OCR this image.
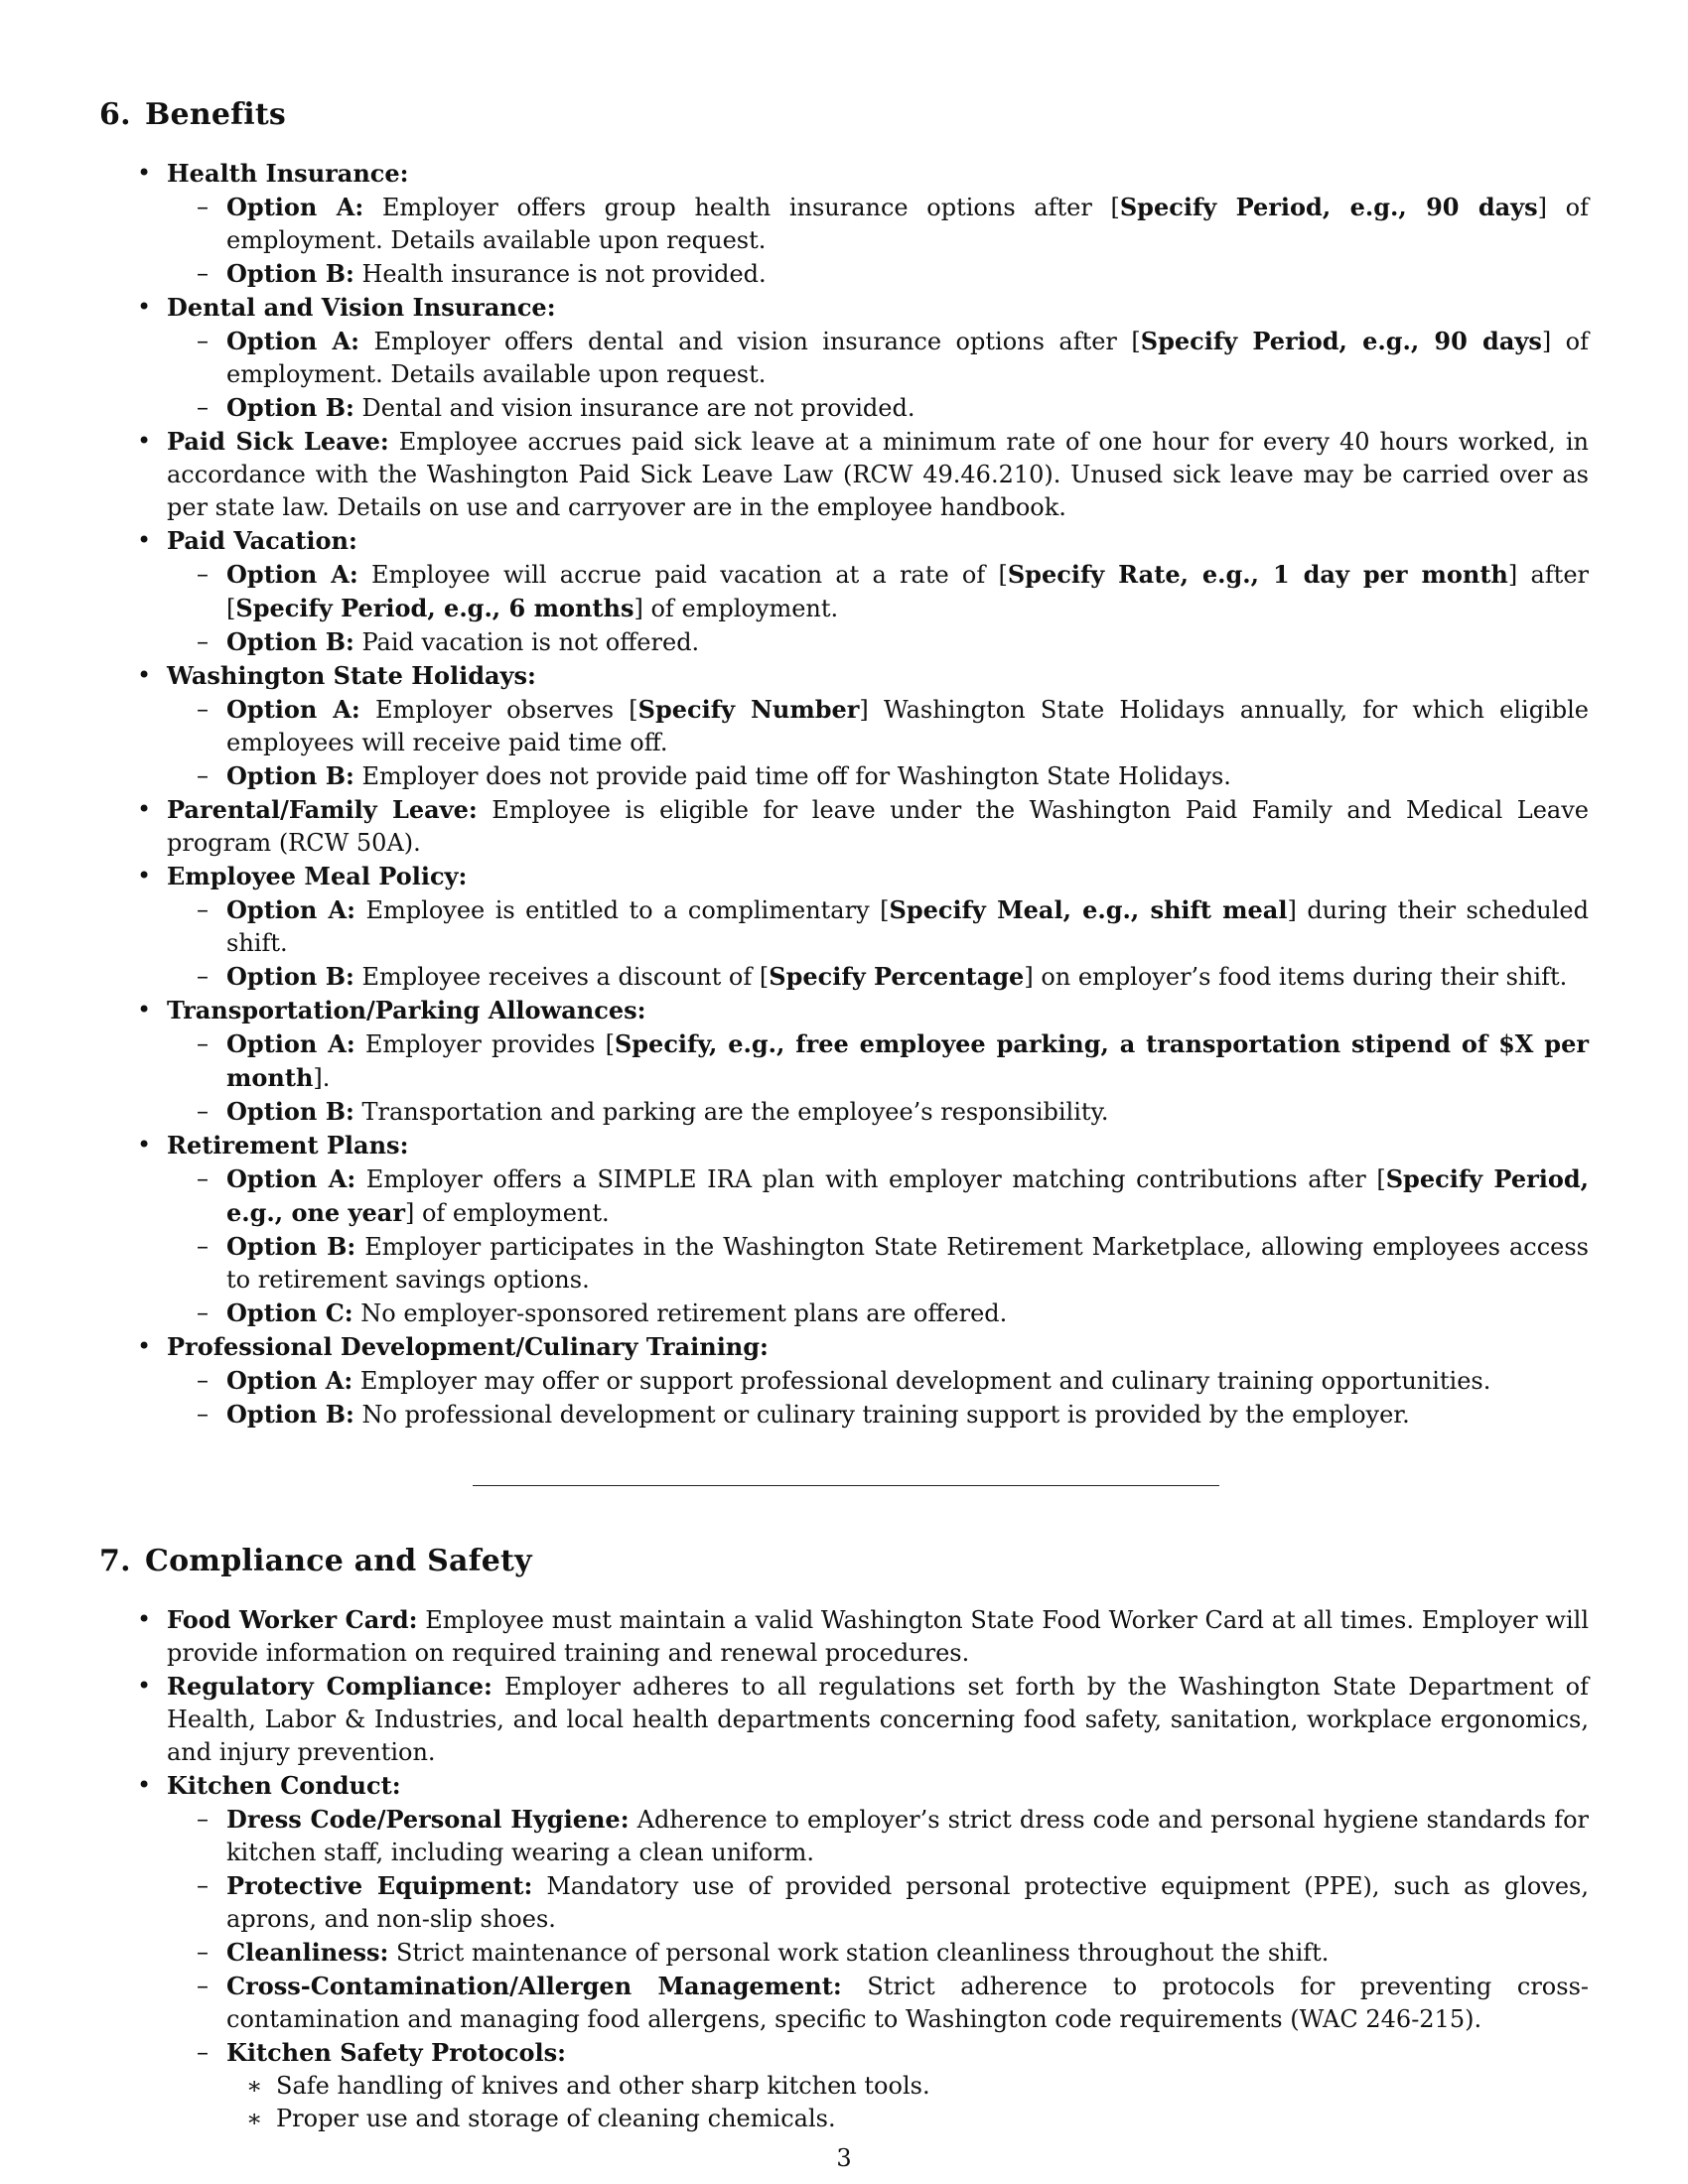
6. Benefits
• Health Insurance:
– Option A: Employer offers group health insurance options after [Specify Period, e.g., 90 days] of employment. Details available upon request.
– Option B: Health insurance is not provided.
• Dental and Vision Insurance:
– Option A: Employer offers dental and vision insurance options after [Specify Period, e.g., 90 days] of employment. Details available upon request.
– Option B: Dental and vision insurance are not provided.
• Paid Sick Leave: Employee accrues paid sick leave at a minimum rate of one hour for every 40 hours worked, in accordance with the Washington Paid Sick Leave Law (RCW 49.46.210). Unused sick leave may be carried over as per state law. Details on use and carryover are in the employee handbook.
• Paid Vacation:
– Option A: Employee will accrue paid vacation at a rate of [Specify Rate, e.g., 1 day per month] after [Specify Period, e.g., 6 months] of employment.
– Option B: Paid vacation is not offered.
• Washington State Holidays:
– Option A: Employer observes [Specify Number] Washington State Holidays annually, for which eligible employees will receive paid time off.
– Option B: Employer does not provide paid time off for Washington State Holidays.
• Parental/Family Leave: Employee is eligible for leave under the Washington Paid Family and Medical Leave program (RCW 50A).
• Employee Meal Policy:
– Option A: Employee is entitled to a complimentary [Specify Meal, e.g., shift meal] during their scheduled shift.
– Option B: Employee receives a discount of [Specify Percentage] on employer’s food items during their shift.
• Transportation/Parking Allowances:
– Option A: Employer provides [Specify, e.g., free employee parking, a transportation stipend of $X per month].
– Option B: Transportation and parking are the employee’s responsibility.
• Retirement Plans:
– Option A: Employer offers a SIMPLE IRA plan with employer matching contributions after [Specify Period, e.g., one year] of employment.
– Option B: Employer participates in the Washington State Retirement Marketplace, allowing employees access to retirement savings options.
– Option C: No employer-sponsored retirement plans are offered.
• Professional Development/Culinary Training:
– Option A: Employer may offer or support professional development and culinary training opportunities.
– Option B: No professional development or culinary training support is provided by the employer.
7. Compliance and Safety
• Food Worker Card: Employee must maintain a valid Washington State Food Worker Card at all times. Employer will provide information on required training and renewal procedures.
• Regulatory Compliance: Employer adheres to all regulations set forth by the Washington State Department of Health, Labor & Industries, and local health departments concerning food safety, sanitation, workplace ergonomics, and injury prevention.
• Kitchen Conduct:
– Dress Code/Personal Hygiene: Adherence to employer’s strict dress code and personal hygiene standards for kitchen staff, including wearing a clean uniform.
– Protective Equipment: Mandatory use of provided personal protective equipment (PPE), such as gloves, aprons, and non-slip shoes.
– Cleanliness: Strict maintenance of personal work station cleanliness throughout the shift.
– Cross-Contamination/Allergen Management: Strict adherence to protocols for preventing cross-contamination and managing food allergens, specific to Washington code requirements (WAC 246-215).
– Kitchen Safety Protocols:
∗ Safe handling of knives and other sharp kitchen tools.
∗ Proper use and storage of cleaning chemicals.
3
